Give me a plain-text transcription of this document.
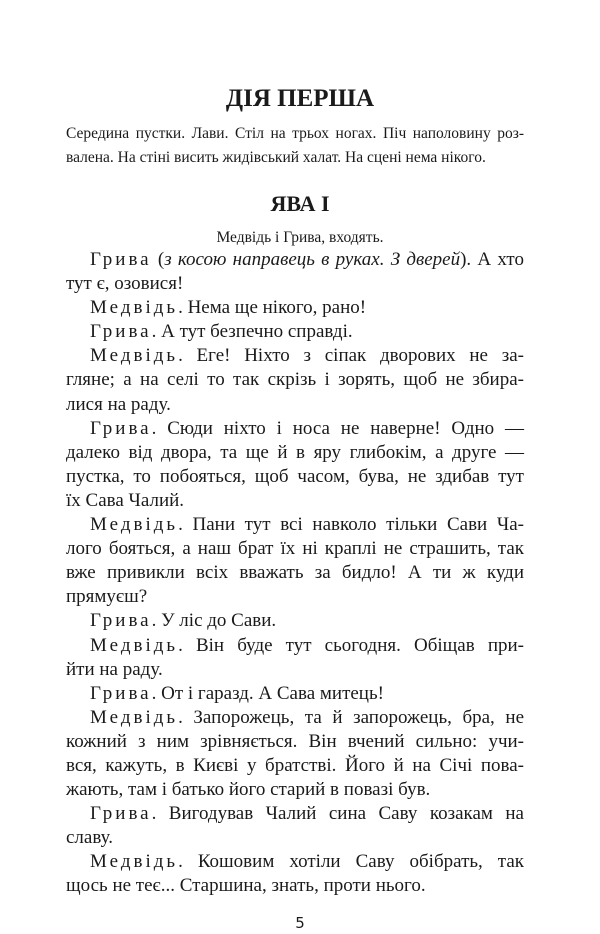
ДІЯ ПЕРША
Середина пустки. Лави. Стіл на трьох ногах. Піч наполовину роз-
валена. На стіні висить жидівський халат. На сцені нема нікого.
ЯВА І
Медвідь і Грива, входять.
Грива (з косою направець в руках. З дверей). А хто
тут є, озовися!
Медвідь. Нема ще нікого, рано!
Грива. А тут безпечно справді.
Медвідь. Еге! Ніхто з сіпак дворових не за-
гляне; а на селі то так скрізь і зорять, щоб не збира-
лися на раду.
Грива. Сюди ніхто і носа не наверне! Одно —
далеко від двора, та ще й в яру глибокім, а друге —
пустка, то побояться, щоб часом, бува, не здибав тут
їх Сава Чалий.
Медвідь. Пани тут всі навколо тільки Сави Ча-
лого бояться, а наш брат їх ні краплі не страшить, так
вже привикли всіх вважать за бидло! А ти ж куди
прямуєш?
Грива. У ліс до Сави.
Медвідь. Він буде тут сьогодня. Обіщав при-
йти на раду.
Грива. От і гаразд. А Сава митець!
Медвідь. Запорожець, та й запорожець, бра, не
кожний з ним зрівняється. Він вчений сильно: учи-
вся, кажуть, в Києві у братстві. Його й на Січі пова-
жають, там і батько його старий в повазі був.
Грива. Вигодував Чалий сина Саву козакам на
славу.
Медвідь. Кошовим хотіли Саву обібрать, так
щось не теє... Старшина, знать, проти нього.
5
